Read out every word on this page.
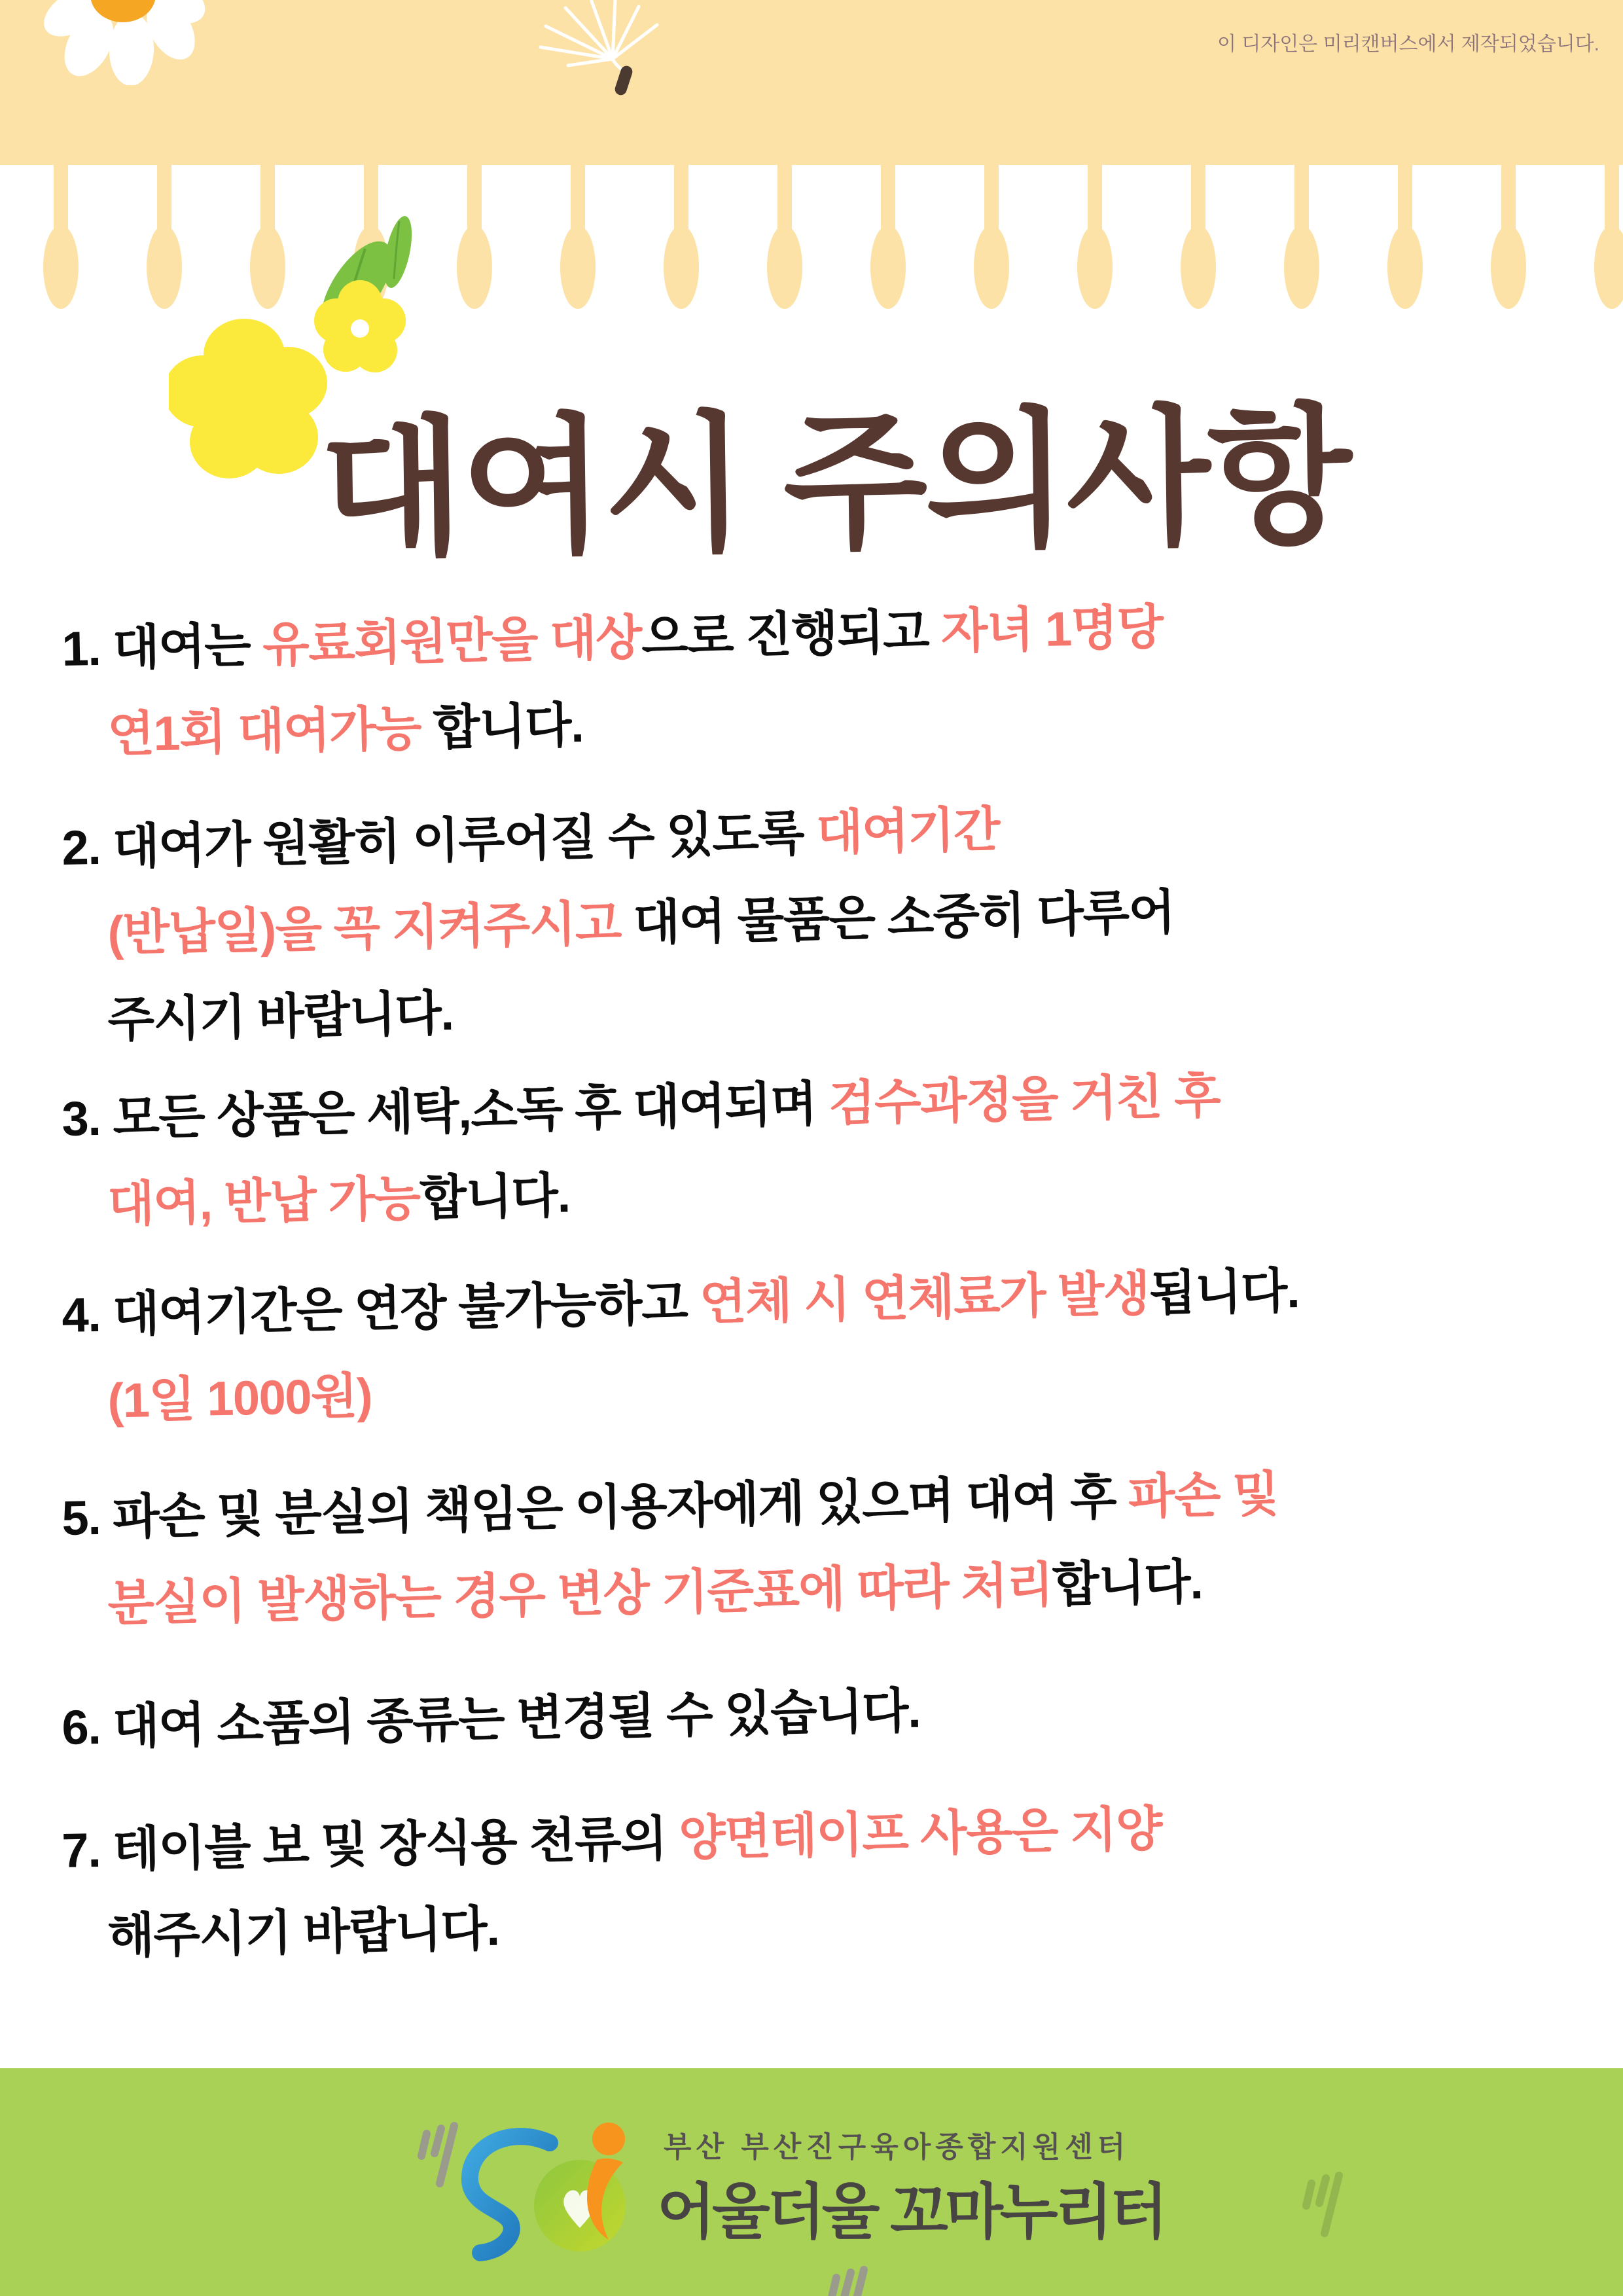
이 디자인은 미리캔버스에서 제작되었습니다.
대여시 주의사항
1. 대여는 유료회원만을 대상으로 진행되고 자녀 1명당
연1회 대여가능 합니다.
2. 대여가 원활히 이루어질 수 있도록 대여기간
(반납일)을 꼭 지켜주시고 대여 물품은 소중히 다루어
주시기 바랍니다.
3. 모든 상품은 세탁,소독 후 대여되며 검수과정을 거친 후
대여, 반납 가능합니다.
4. 대여기간은 연장 불가능하고 연체 시 연체료가 발생됩니다.
(1일 1000원)
5. 파손 및 분실의 책임은 이용자에게 있으며 대여 후 파손 및
분실이 발생하는 경우 변상 기준표에 따라 처리합니다.
6. 대여 소품의 종류는 변경될 수 있습니다.
7. 테이블 보 및 장식용 천류의 양면테이프 사용은 지양
해주시기 바랍니다.
부산 부산진구육아종합지원센터
어울더울 꼬마누리터
